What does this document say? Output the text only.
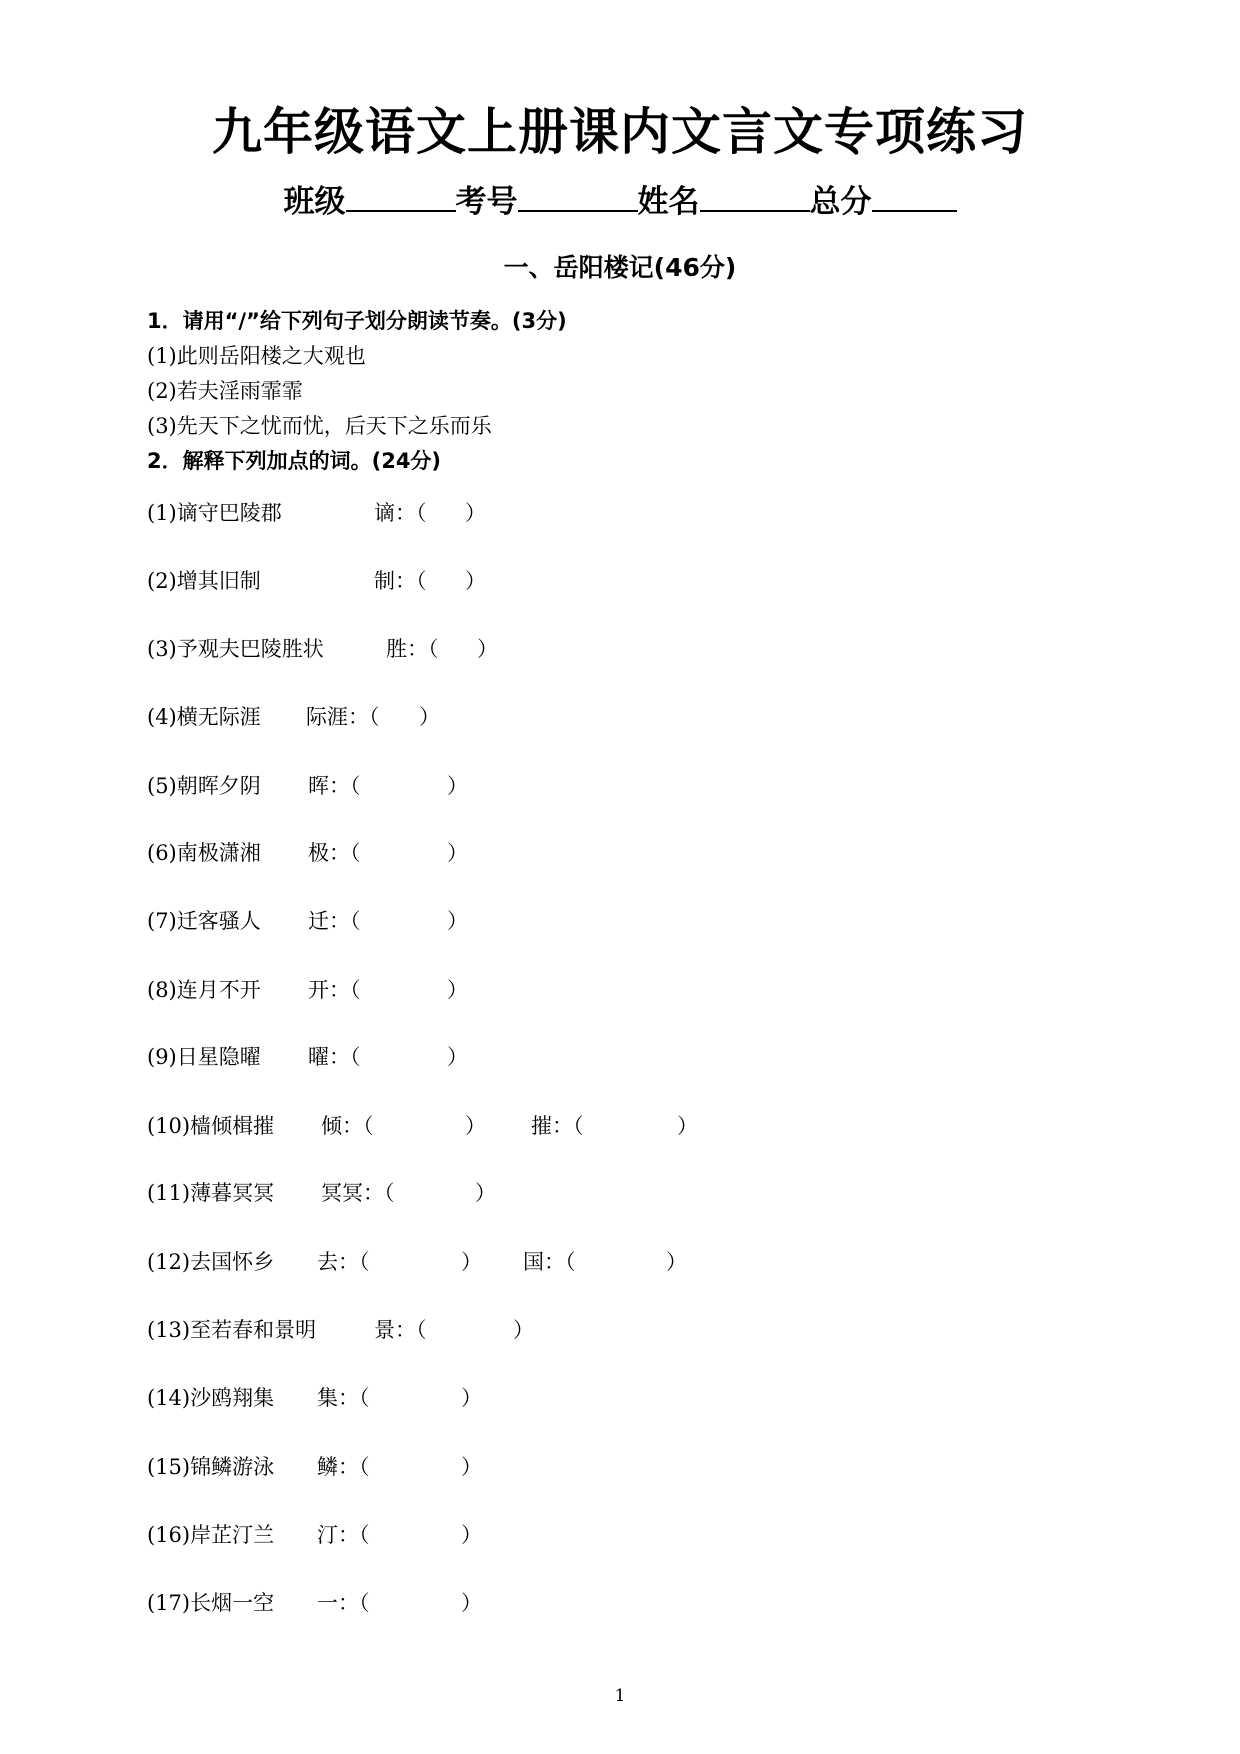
九年级语文上册课内文言文专项练习
班级	考号	姓名	总分
一、岳阳楼记(46分)
1．请用“/”给下列句子划分朗读节奏。(3分)
(1)此则岳阳楼之大观也
(2)若夫淫雨霏霏
(3)先天下之忧而忧，后天下之乐而乐
2．解释下列加点的词。(24分)
(1)谪守巴陵郡	谪：（ ）
(2)增其旧制	制：（ ）
(3)予观夫巴陵胜状	胜：（ ）
(4)横无际涯 际涯：（ ）
(5)朝晖夕阴 晖：（	）
(6)南极潇湘 极：（	）
(7)迁客骚人 迁：（	）
(8)连月不开 开：（	）
(9)日星隐曜 曜：（	）
(10)樯倾楫摧 倾：（	） 摧：（	）
(11)薄暮冥冥 冥冥：（	）
(12)去国怀乡 去：（	） 国：（	）
(13)至若春和景明	景：（	）
(14)沙鸥翔集 集：（	）
(15)锦鳞游泳 鳞：（	）
(16)岸芷汀兰 汀：（	）
(17)长烟一空 一：（	）
1
